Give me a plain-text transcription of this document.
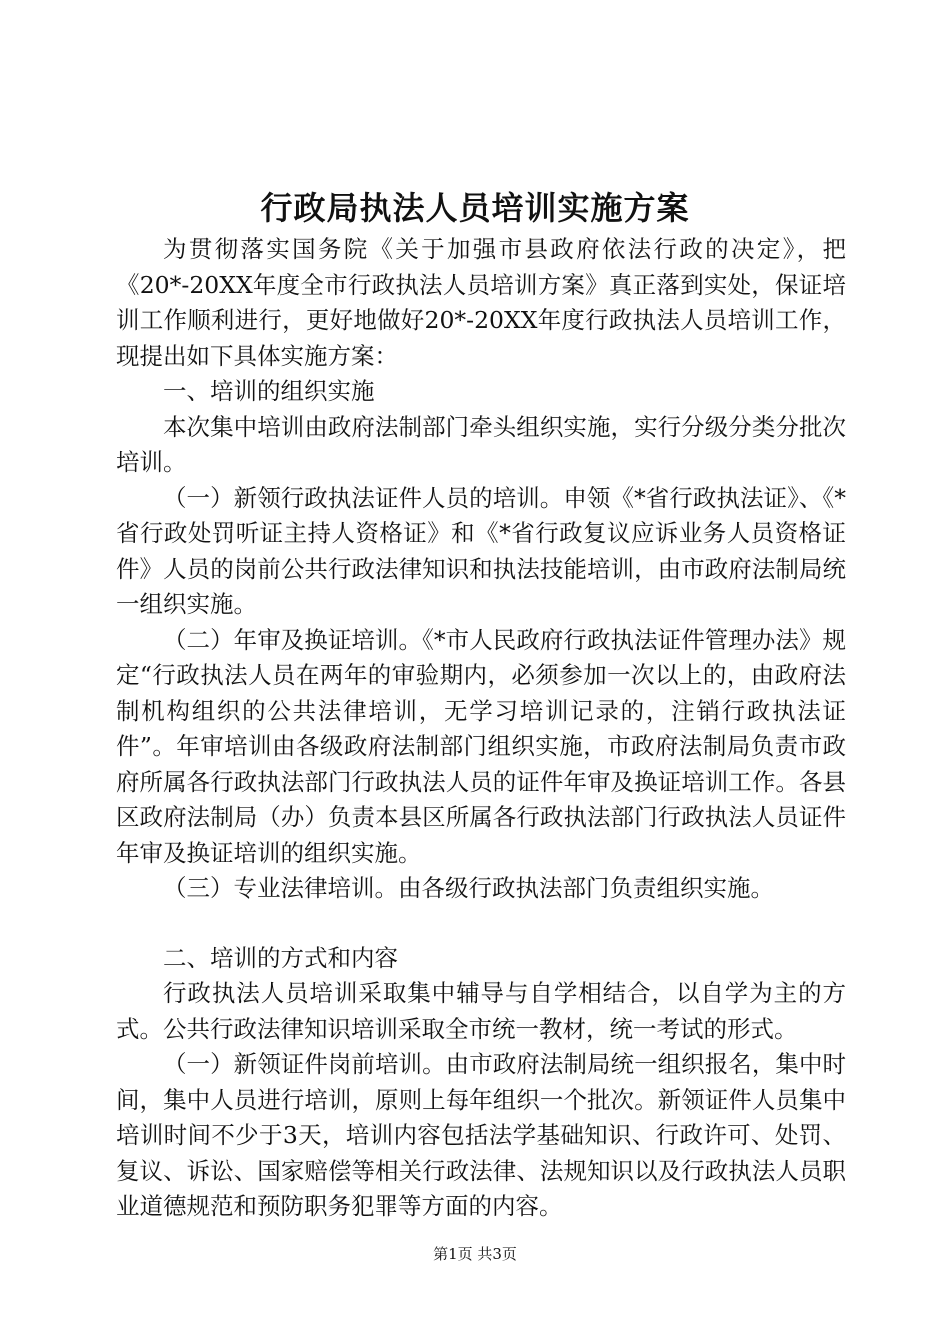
行政局执法人员培训实施方案

为贯彻落实国务院《关于加强市县政府依法行政的决定》，把《20*-20XX年度全市行政执法人员培训方案》真正落到实处，保证培训工作顺利进行，更好地做好20*-20XX年度行政执法人员培训工作，现提出如下具体实施方案：

一、培训的组织实施

本次集中培训由政府法制部门牵头组织实施，实行分级分类分批次培训。

（一）新领行政执法证件人员的培训。申领《*省行政执法证》、《*省行政处罚听证主持人资格证》和《*省行政复议应诉业务人员资格证件》人员的岗前公共行政法律知识和执法技能培训，由市政府法制局统一组织实施。

（二）年审及换证培训。《*市人民政府行政执法证件管理办法》规定“行政执法人员在两年的审验期内，必须参加一次以上的，由政府法制机构组织的公共法律培训，无学习培训记录的，注销行政执法证件”。年审培训由各级政府法制部门组织实施，市政府法制局负责市政府所属各行政执法部门行政执法人员的证件年审及换证培训工作。各县区政府法制局（办）负责本县区所属各行政执法部门行政执法人员证件年审及换证培训的组织实施。

（三）专业法律培训。由各级行政执法部门负责组织实施。

二、培训的方式和内容

行政执法人员培训采取集中辅导与自学相结合，以自学为主的方式。公共行政法律知识培训采取全市统一教材，统一考试的形式。

（一）新领证件岗前培训。由市政府法制局统一组织报名，集中时间，集中人员进行培训，原则上每年组织一个批次。新领证件人员集中培训时间不少于3天，培训内容包括法学基础知识、行政许可、处罚、复议、诉讼、国家赔偿等相关行政法律、法规知识以及行政执法人员职业道德规范和预防职务犯罪等方面的内容。

第1页 共3页
